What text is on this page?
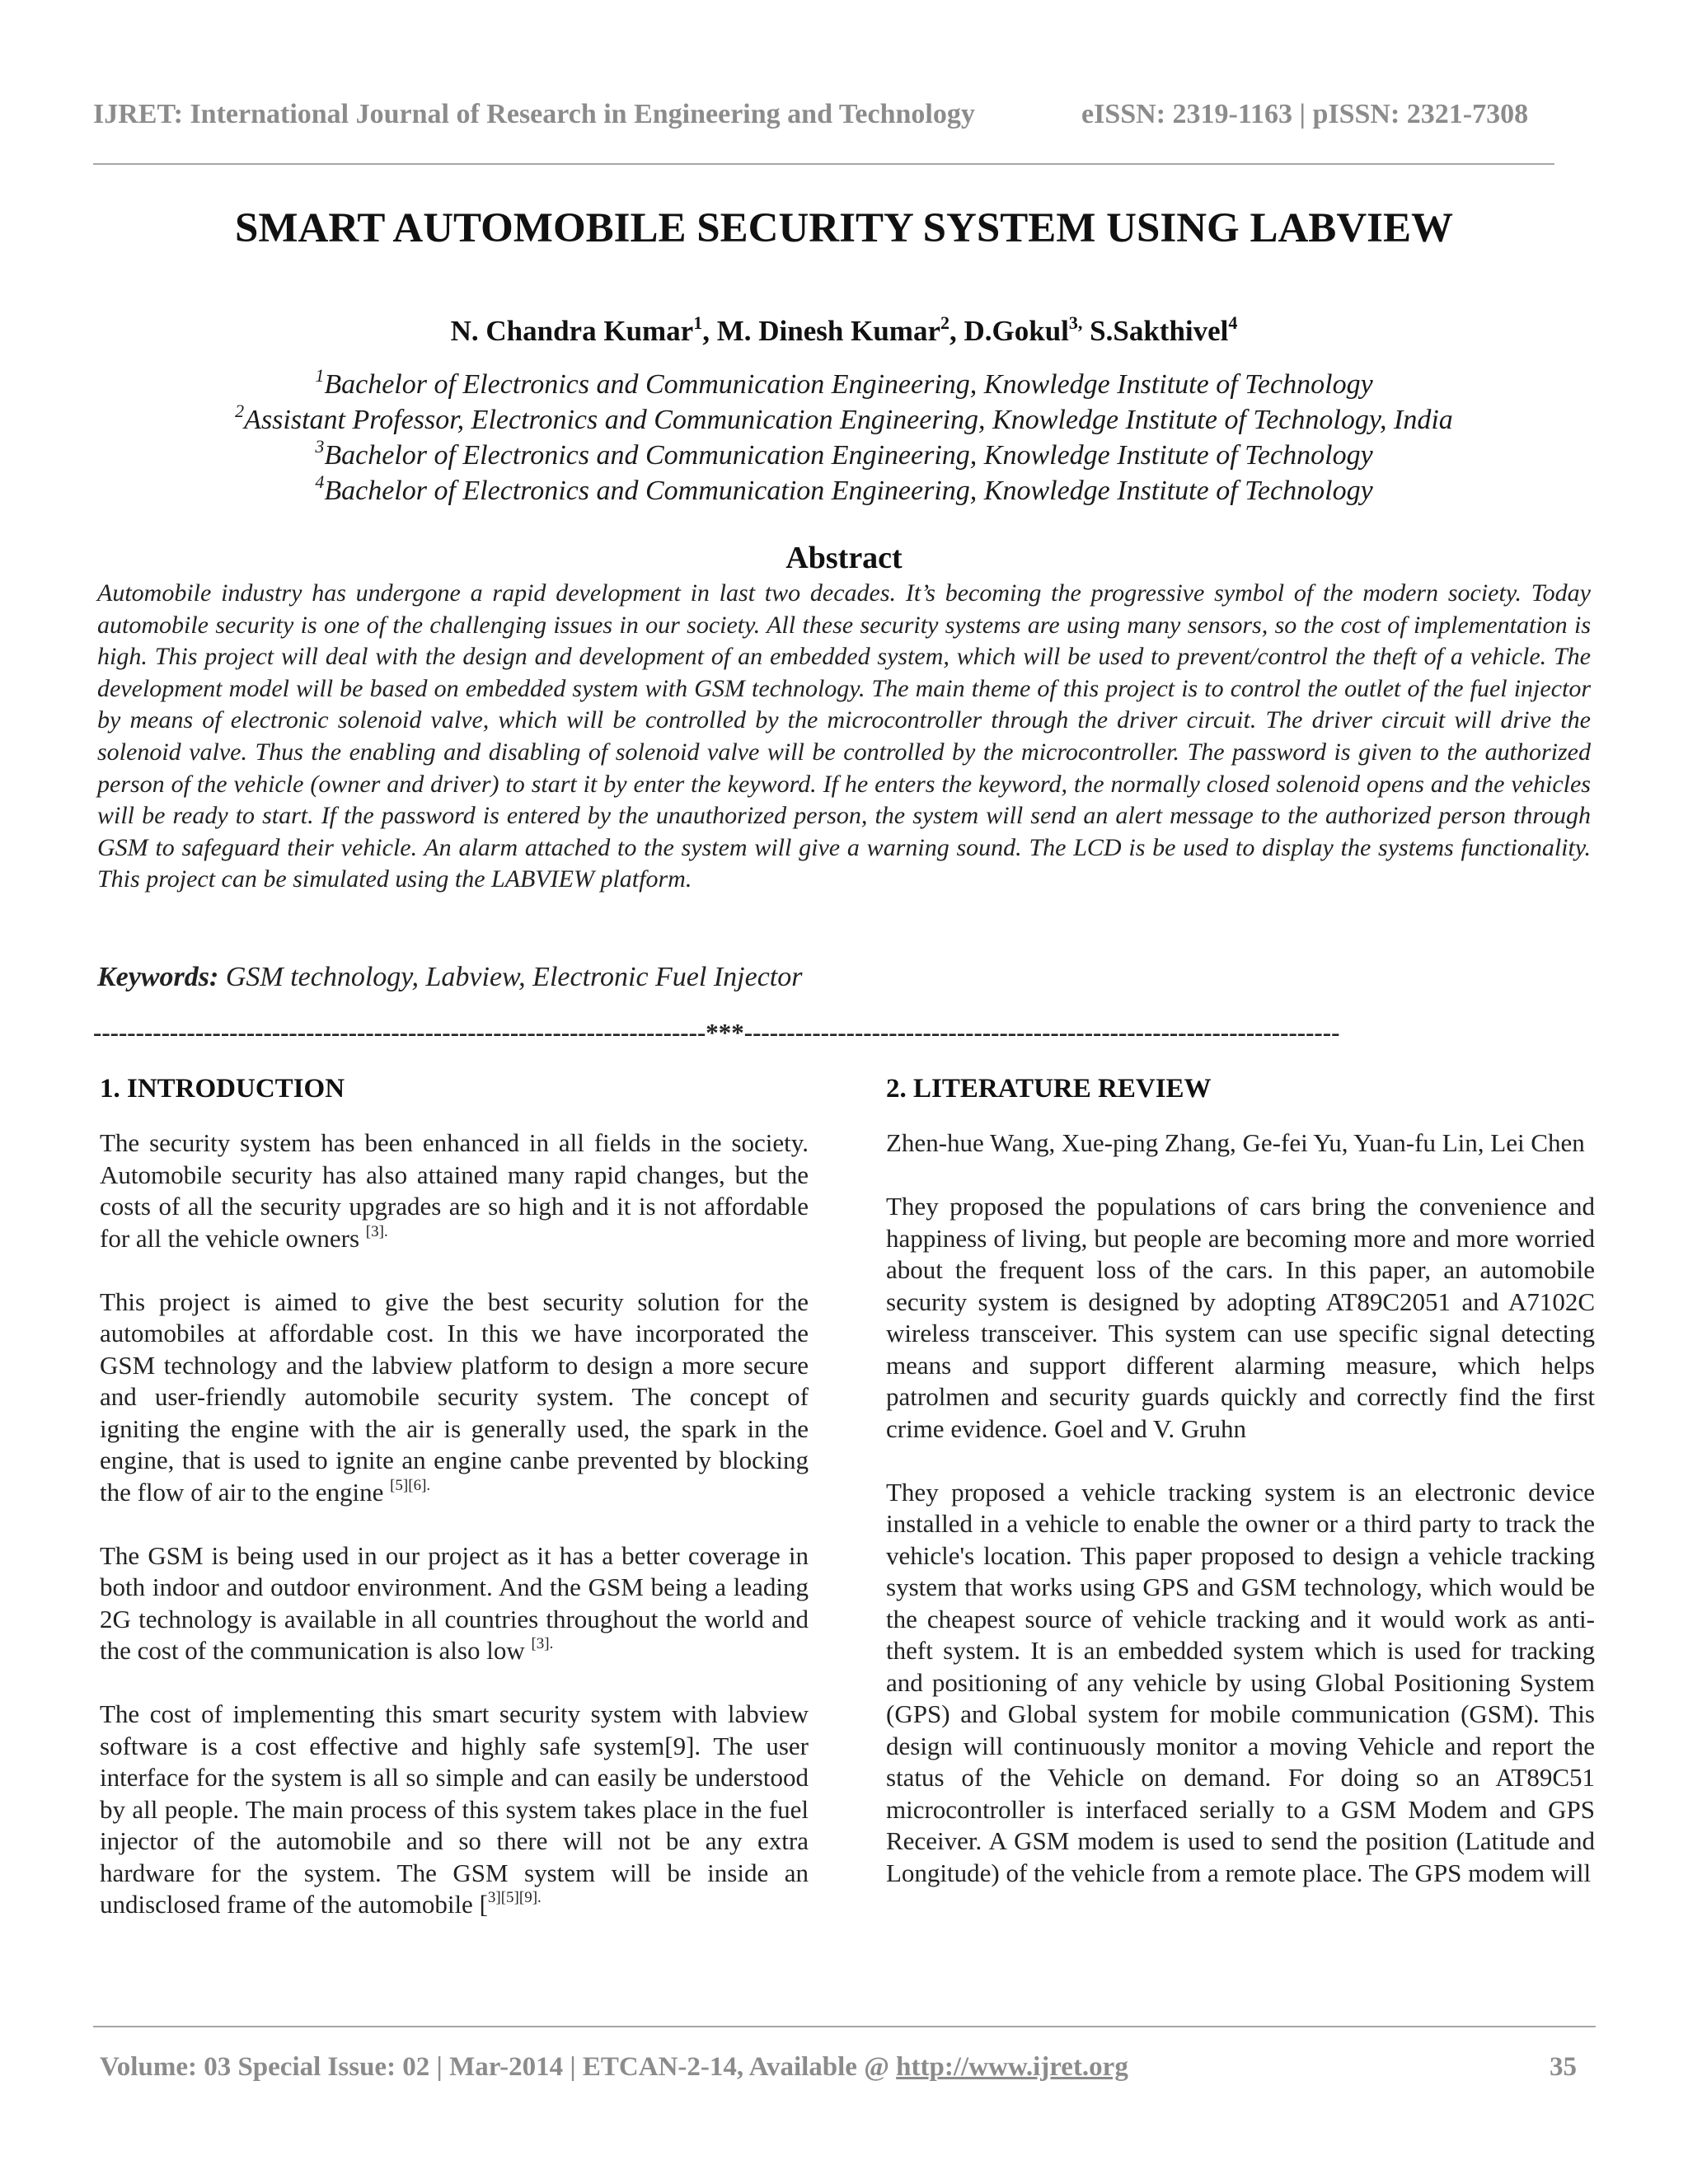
IJRET: International Journal of Research in Engineering and Technology	eISSN: 2319-1163 | pISSN: 2321-7308
SMART AUTOMOBILE SECURITY SYSTEM USING LABVIEW
N. Chandra Kumar$^1$, M. Dinesh Kumar$^2$, D.Gokul$^{3,}$ S.Sakthivel$^4$
$^1$Bachelor of Electronics and Communication Engineering, Knowledge Institute of Technology
$^2$Assistant Professor, Electronics and Communication Engineering, Knowledge Institute of Technology, India
$^3$Bachelor of Electronics and Communication Engineering, Knowledge Institute of Technology
$^4$Bachelor of Electronics and Communication Engineering, Knowledge Institute of Technology
Abstract
Automobile industry has undergone a rapid development in last two decades. It’s becoming the progressive symbol of the modern society. Today automobile security is one of the challenging issues in our society. All these security systems are using many sensors, so the cost of implementation is high. This project will deal with the design and development of an embedded system, which will be used to prevent/control the theft of a vehicle. The development model will be based on embedded system with GSM technology. The main theme of this project is to control the outlet of the fuel injector by means of electronic solenoid valve, which will be controlled by the microcontroller through the driver circuit. The driver circuit will drive the solenoid valve. Thus the enabling and disabling of solenoid valve will be controlled by the microcontroller. The password is given to the authorized person of the vehicle (owner and driver) to start it by enter the keyword. If he enters the keyword, the normally closed solenoid opens and the vehicles will be ready to start. If the password is entered by the unauthorized person, the system will send an alert message to the authorized person through GSM to safeguard their vehicle. An alarm attached to the system will give a warning sound. The LCD is be used to display the systems functionality. This project can be simulated using the LABVIEW platform.
Keywords: GSM technology, Labview, Electronic Fuel Injector
------------------------------------------------------------------------***----------------------------------------------------------------------
1. INTRODUCTION
The security system has been enhanced in all fields in the society. Automobile security has also attained many rapid changes, but the costs of all the security upgrades are so high and it is not affordable for all the vehicle owners $^{[3].}$
This project is aimed to give the best security solution for the automobiles at affordable cost. In this we have incorporated the GSM technology and the labview platform to design a more secure and user-friendly automobile security system. The concept of igniting the engine with the air is generally used, the spark in the engine, that is used to ignite an engine canbe prevented by blocking the flow of air to the engine $^{[5][6].}$
The GSM is being used in our project as it has a better coverage in both indoor and outdoor environment. And the GSM being a leading 2G technology is available in all countries throughout the world and the cost of the communication is also low $^{[3].}$
The cost of implementing this smart security system with labview software is a cost effective and highly safe system[9]. The user interface for the system is all so simple and can easily be understood by all people. The main process of this system takes place in the fuel injector of the automobile and so there will not be any extra hardware for the system. The GSM system will be inside an undisclosed frame of the automobile [$^{3][5][9].}$
2. LITERATURE REVIEW
Zhen-hue Wang, Xue-ping Zhang, Ge-fei Yu, Yuan-fu Lin, Lei Chen
They proposed the populations of cars bring the convenience and happiness of living, but people are becoming more and more worried about the frequent loss of the cars. In this paper, an automobile security system is designed by adopting AT89C2051 and A7102C wireless transceiver. This system can use specific signal detecting means and support different alarming measure, which helps patrolmen and security guards quickly and correctly find the first crime evidence. Goel and V. Gruhn
They proposed a vehicle tracking system is an electronic device installed in a vehicle to enable the owner or a third party to track the vehicle's location. This paper proposed to design a vehicle tracking system that works using GPS and GSM technology, which would be the cheapest source of vehicle tracking and it would work as anti-theft system. It is an embedded system which is used for tracking and positioning of any vehicle by using Global Positioning System (GPS) and Global system for mobile communication (GSM). This design will continuously monitor a moving Vehicle and report the status of the Vehicle on demand. For doing so an AT89C51 microcontroller is interfaced serially to a GSM Modem and GPS Receiver. A GSM modem is used to send the position (Latitude and Longitude) of the vehicle from a remote place. The GPS modem will
Volume: 03 Special Issue: 02 | Mar-2014 | ETCAN-2-14, Available @ http://www.ijret.org	35
